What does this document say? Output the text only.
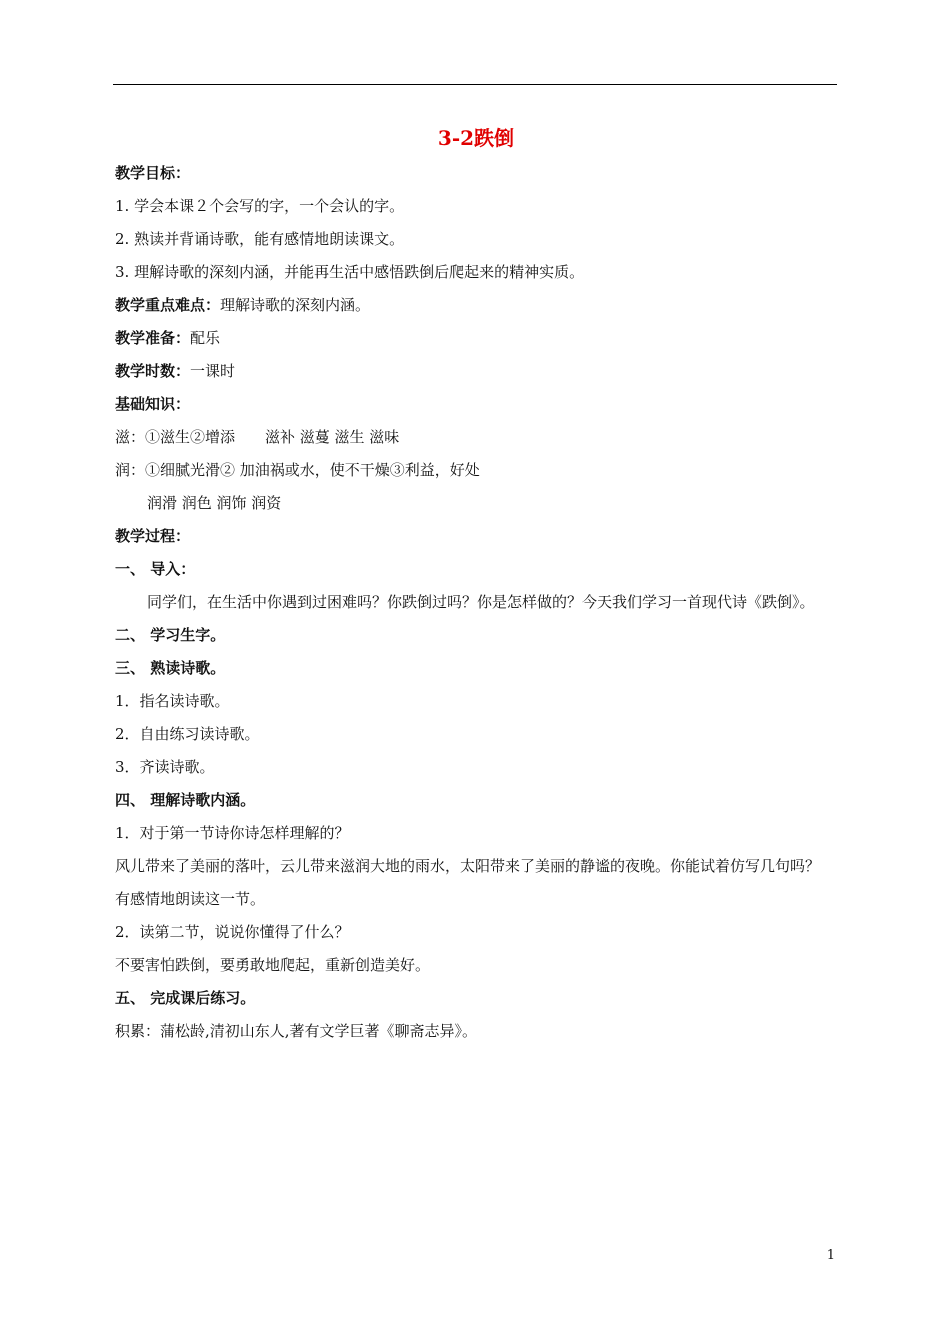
3-2跌倒
教学目标：
1. 学会本课２个会写的字，一个会认的字。
2. 熟读并背诵诗歌，能有感情地朗读课文。
3. 理解诗歌的深刻内涵，并能再生活中感悟跌倒后爬起来的精神实质。
教学重点难点：理解诗歌的深刻内涵。
教学准备：配乐
教学时数：一课时
基础知识：
滋：①滋生②增添　　滋补 滋蔓 滋生 滋味
润：①细腻光滑② 加油祸或水，使不干燥③利益，好处
润滑 润色 润饰 润资
教学过程：
一、 导入：
同学们，在生活中你遇到过困难吗？你跌倒过吗？你是怎样做的？今天我们学习一首现代诗《跌倒》。
二、 学习生字。
三、 熟读诗歌。
1．指名读诗歌。
2．自由练习读诗歌。
3．齐读诗歌。
四、 理解诗歌内涵。
1．对于第一节诗你诗怎样理解的？
风儿带来了美丽的落叶，云儿带来滋润大地的雨水，太阳带来了美丽的静谧的夜晚。你能试着仿写几句吗？
有感情地朗读这一节。
2．读第二节，说说你懂得了什么？
不要害怕跌倒，要勇敢地爬起，重新创造美好。
五、 完成课后练习。
积累：蒲松龄,清初山东人,著有文学巨著《聊斋志异》。
1
